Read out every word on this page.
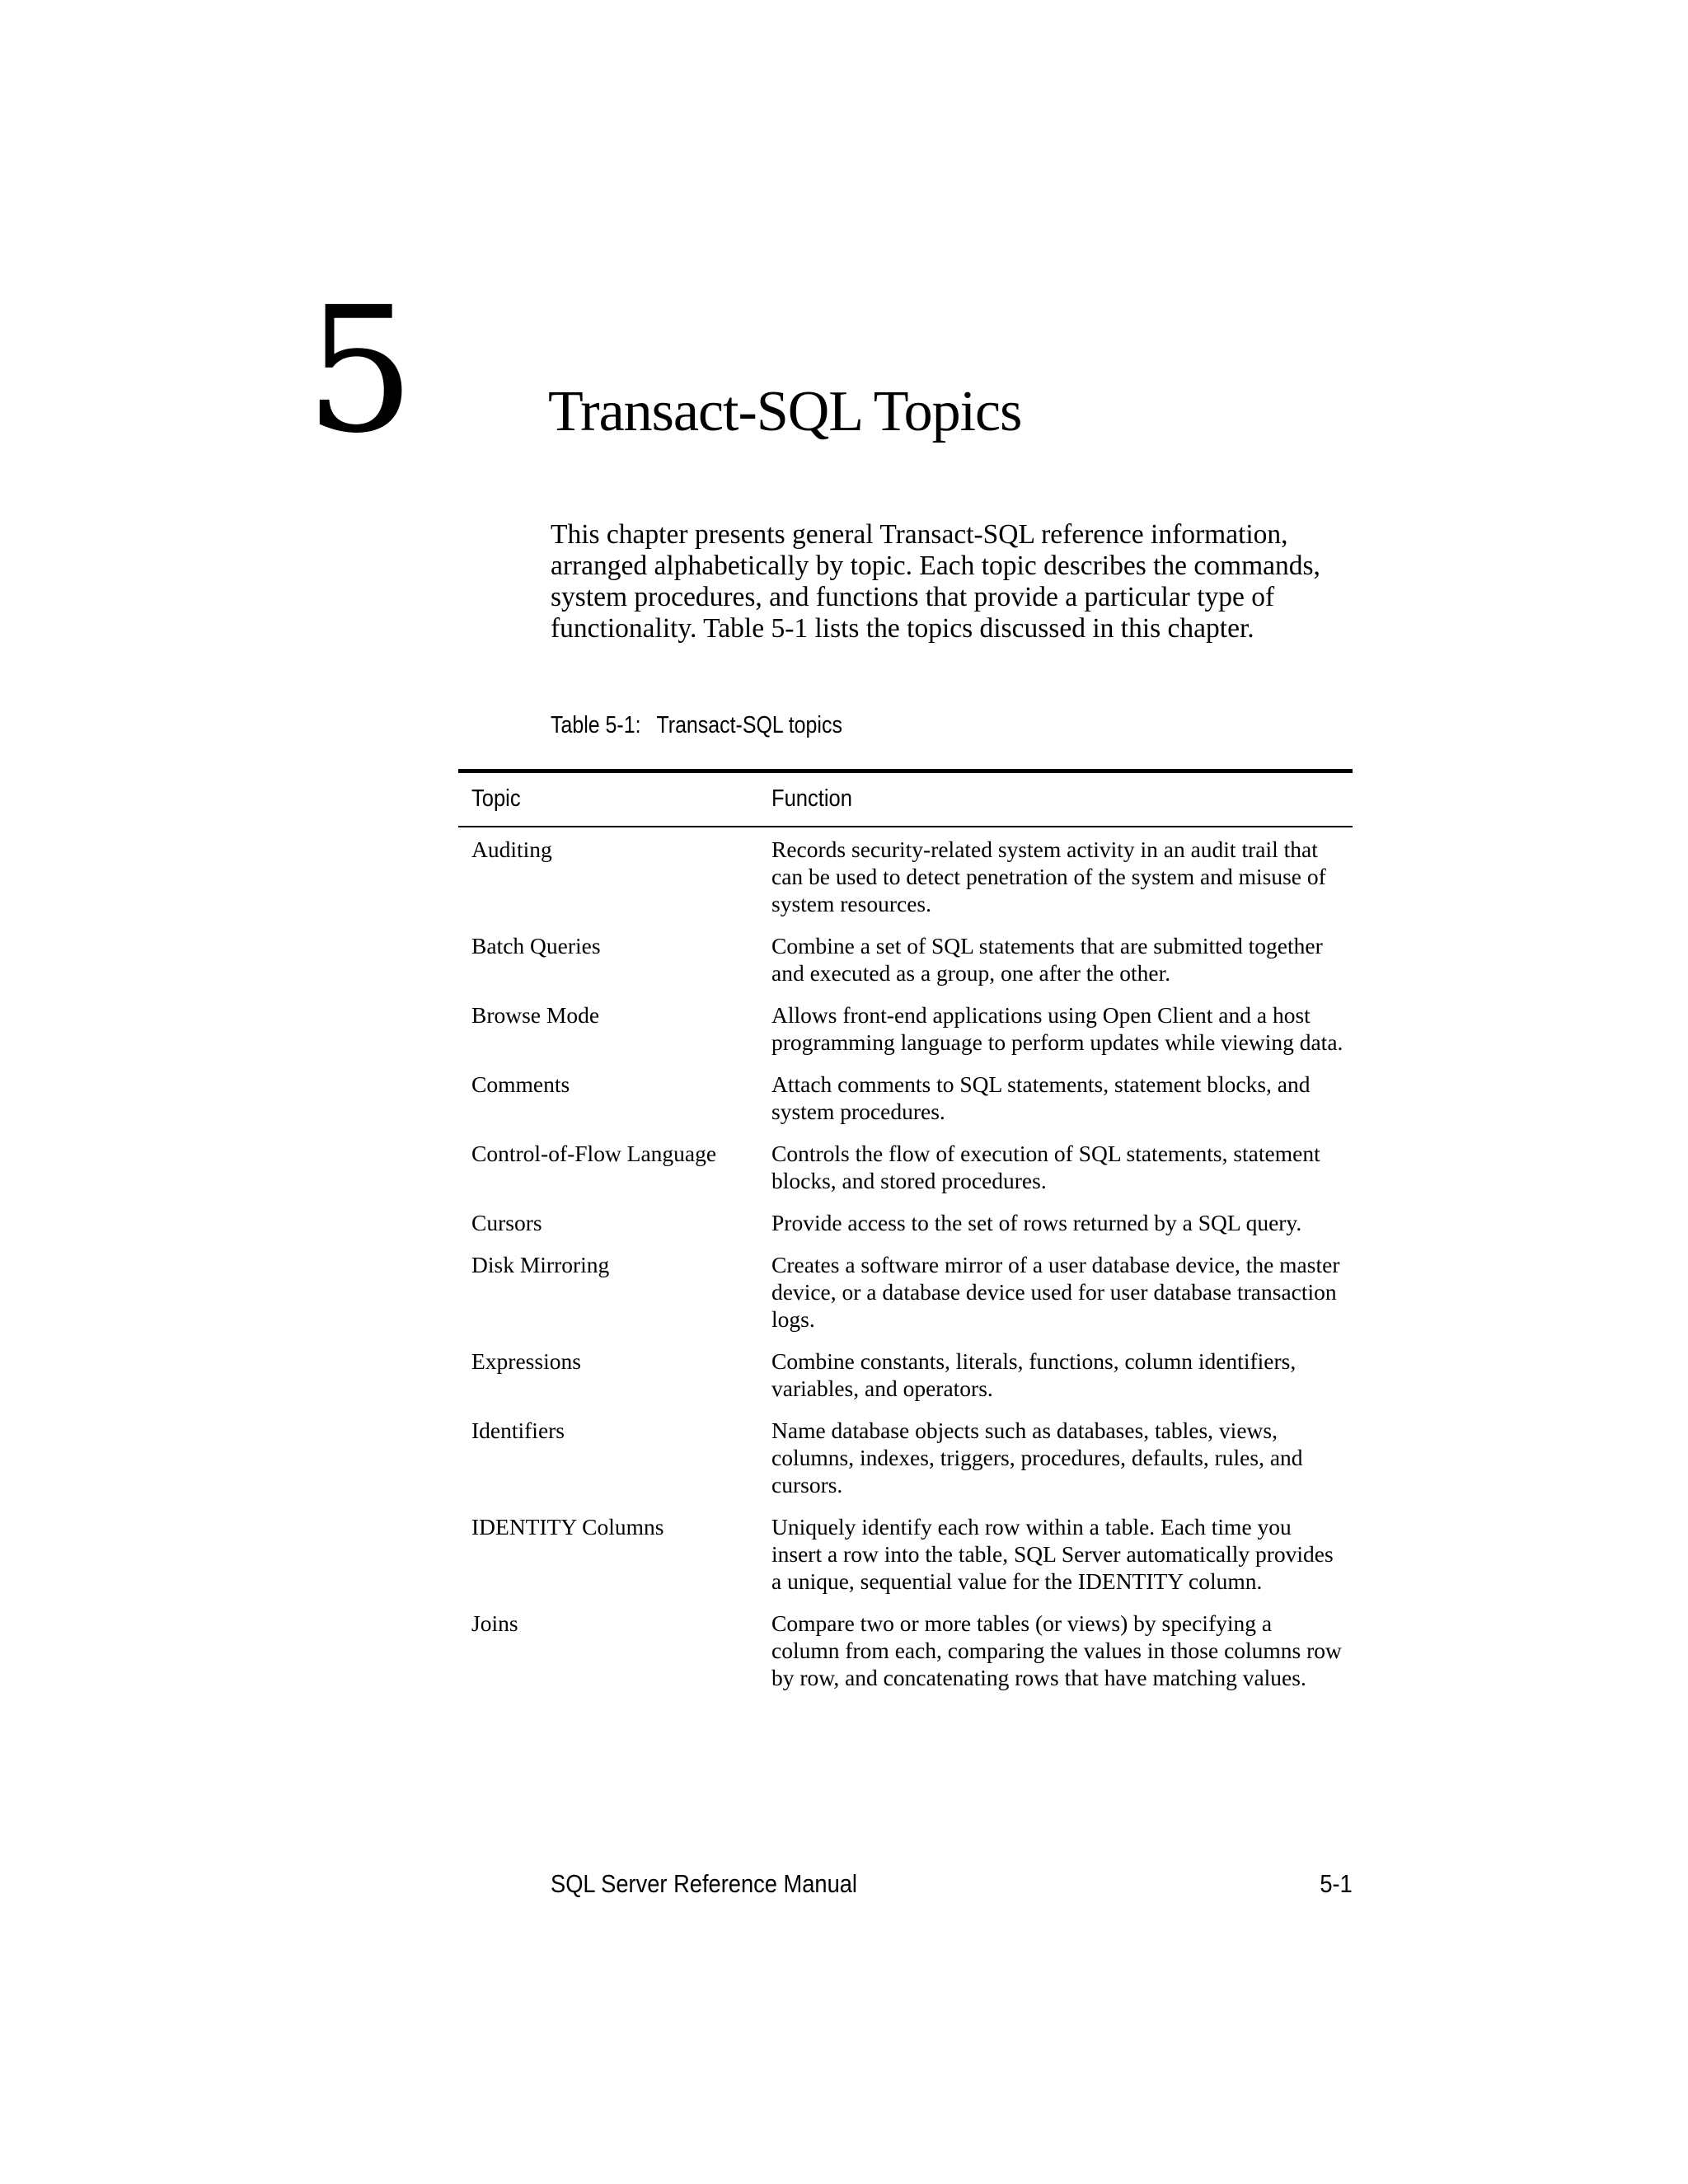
5 Transact-SQL Topics

This chapter presents general Transact-SQL reference information, arranged alphabetically by topic. Each topic describes the commands, system procedures, and functions that provide a particular type of functionality. Table 5-1 lists the topics discussed in this chapter.

Table 5-1: Transact-SQL topics
Topic	Function
Auditing	Records security-related system activity in an audit trail that can be used to detect penetration of the system and misuse of system resources.
Batch Queries	Combine a set of SQL statements that are submitted together and executed as a group, one after the other.
Browse Mode	Allows front-end applications using Open Client and a host programming language to perform updates while viewing data.
Comments	Attach comments to SQL statements, statement blocks, and system procedures.
Control-of-Flow Language	Controls the flow of execution of SQL statements, statement blocks, and stored procedures.
Cursors	Provide access to the set of rows returned by a SQL query.
Disk Mirroring	Creates a software mirror of a user database device, the master device, or a database device used for user database transaction logs.
Expressions	Combine constants, literals, functions, column identifiers, variables, and operators.
Identifiers	Name database objects such as databases, tables, views, columns, indexes, triggers, procedures, defaults, rules, and cursors.
IDENTITY Columns	Uniquely identify each row within a table. Each time you insert a row into the table, SQL Server automatically provides a unique, sequential value for the IDENTITY column.
Joins	Compare two or more tables (or views) by specifying a column from each, comparing the values in those columns row by row, and concatenating rows that have matching values.
SQL Server Reference Manual	5-1
